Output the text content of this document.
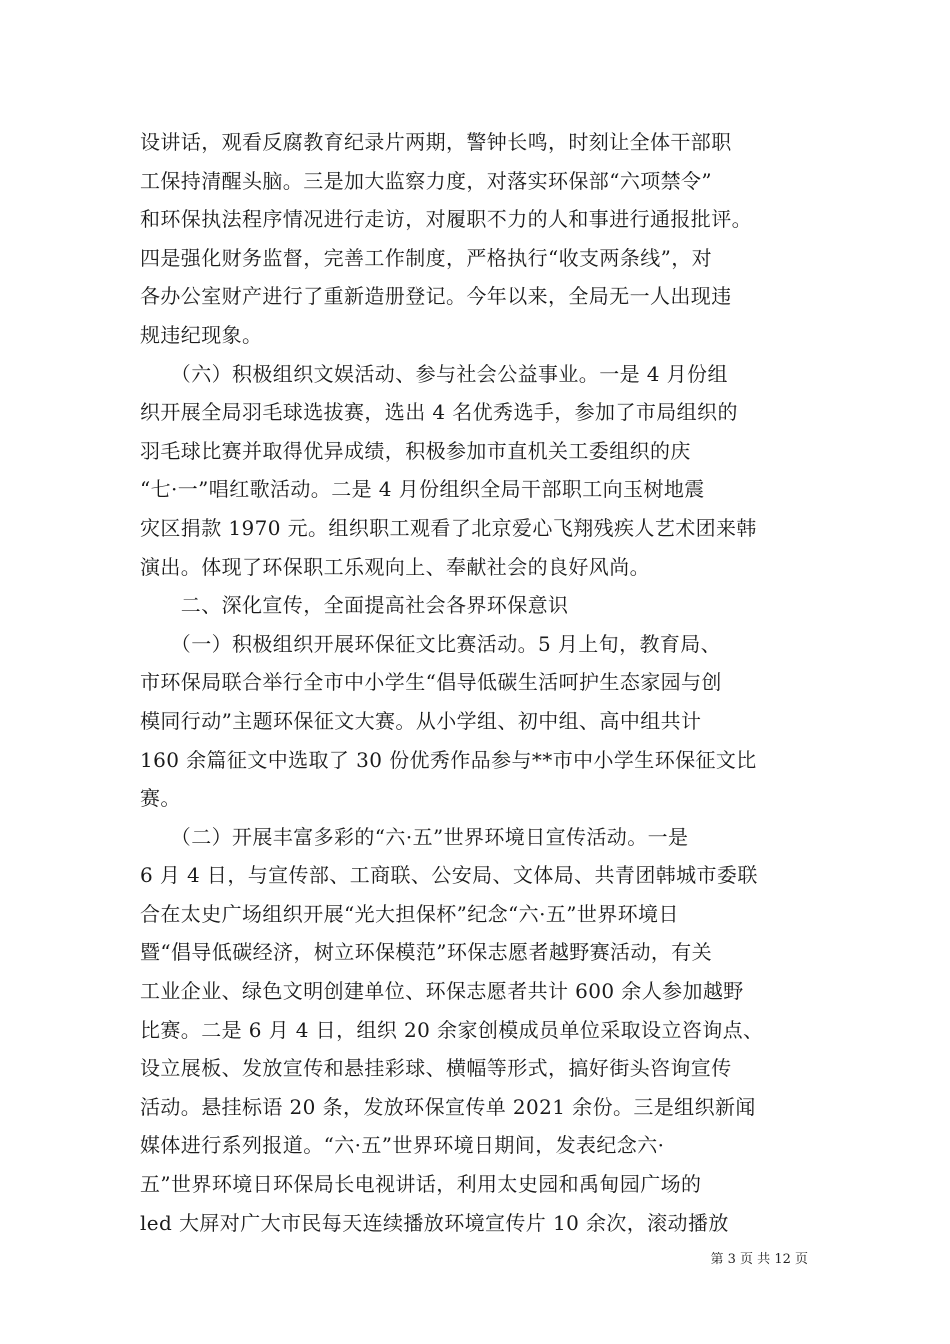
设讲话，观看反腐教育纪录片两期，警钟长鸣，时刻让全体干部职
工保持清醒头脑。三是加大监察力度，对落实环保部“六项禁令”
和环保执法程序情况进行走访，对履职不力的人和事进行通报批评。
四是强化财务监督，完善工作制度，严格执行“收支两条线”，对
各办公室财产进行了重新造册登记。今年以来，全局无一人出现违
规违纪现象。
　　（六）积极组织文娱活动、参与社会公益事业。一是 4 月份组
织开展全局羽毛球选拔赛，选出 4 名优秀选手，参加了市局组织的
羽毛球比赛并取得优异成绩，积极参加市直机关工委组织的庆
“七·一”唱红歌活动。二是 4 月份组织全局干部职工向玉树地震
灾区捐款 1970 元。组织职工观看了北京爱心飞翔残疾人艺术团来韩
演出。体现了环保职工乐观向上、奉献社会的良好风尚。
　　二、深化宣传，全面提高社会各界环保意识
　　（一）积极组织开展环保征文比赛活动。5 月上旬，教育局、
市环保局联合举行全市中小学生“倡导低碳生活呵护生态家园与创
模同行动”主题环保征文大赛。从小学组、初中组、高中组共计
160 余篇征文中选取了 30 份优秀作品参与**市中小学生环保征文比
赛。
　　（二）开展丰富多彩的“六·五”世界环境日宣传活动。一是
6 月 4 日，与宣传部、工商联、公安局、文体局、共青团韩城市委联
合在太史广场组织开展“光大担保杯”纪念“六·五”世界环境日
暨“倡导低碳经济，树立环保模范”环保志愿者越野赛活动，有关
工业企业、绿色文明创建单位、环保志愿者共计 600 余人参加越野
比赛。二是 6 月 4 日，组织 20 余家创模成员单位采取设立咨询点、
设立展板、发放宣传和悬挂彩球、横幅等形式，搞好街头咨询宣传
活动。悬挂标语 20 条，发放环保宣传单 2021 余份。三是组织新闻
媒体进行系列报道。“六·五”世界环境日期间，发表纪念六·
五”世界环境日环保局长电视讲话，利用太史园和禹甸园广场的
led 大屏对广大市民每天连续播放环境宣传片 10 余次，滚动播放
第 3 页 共 12 页
